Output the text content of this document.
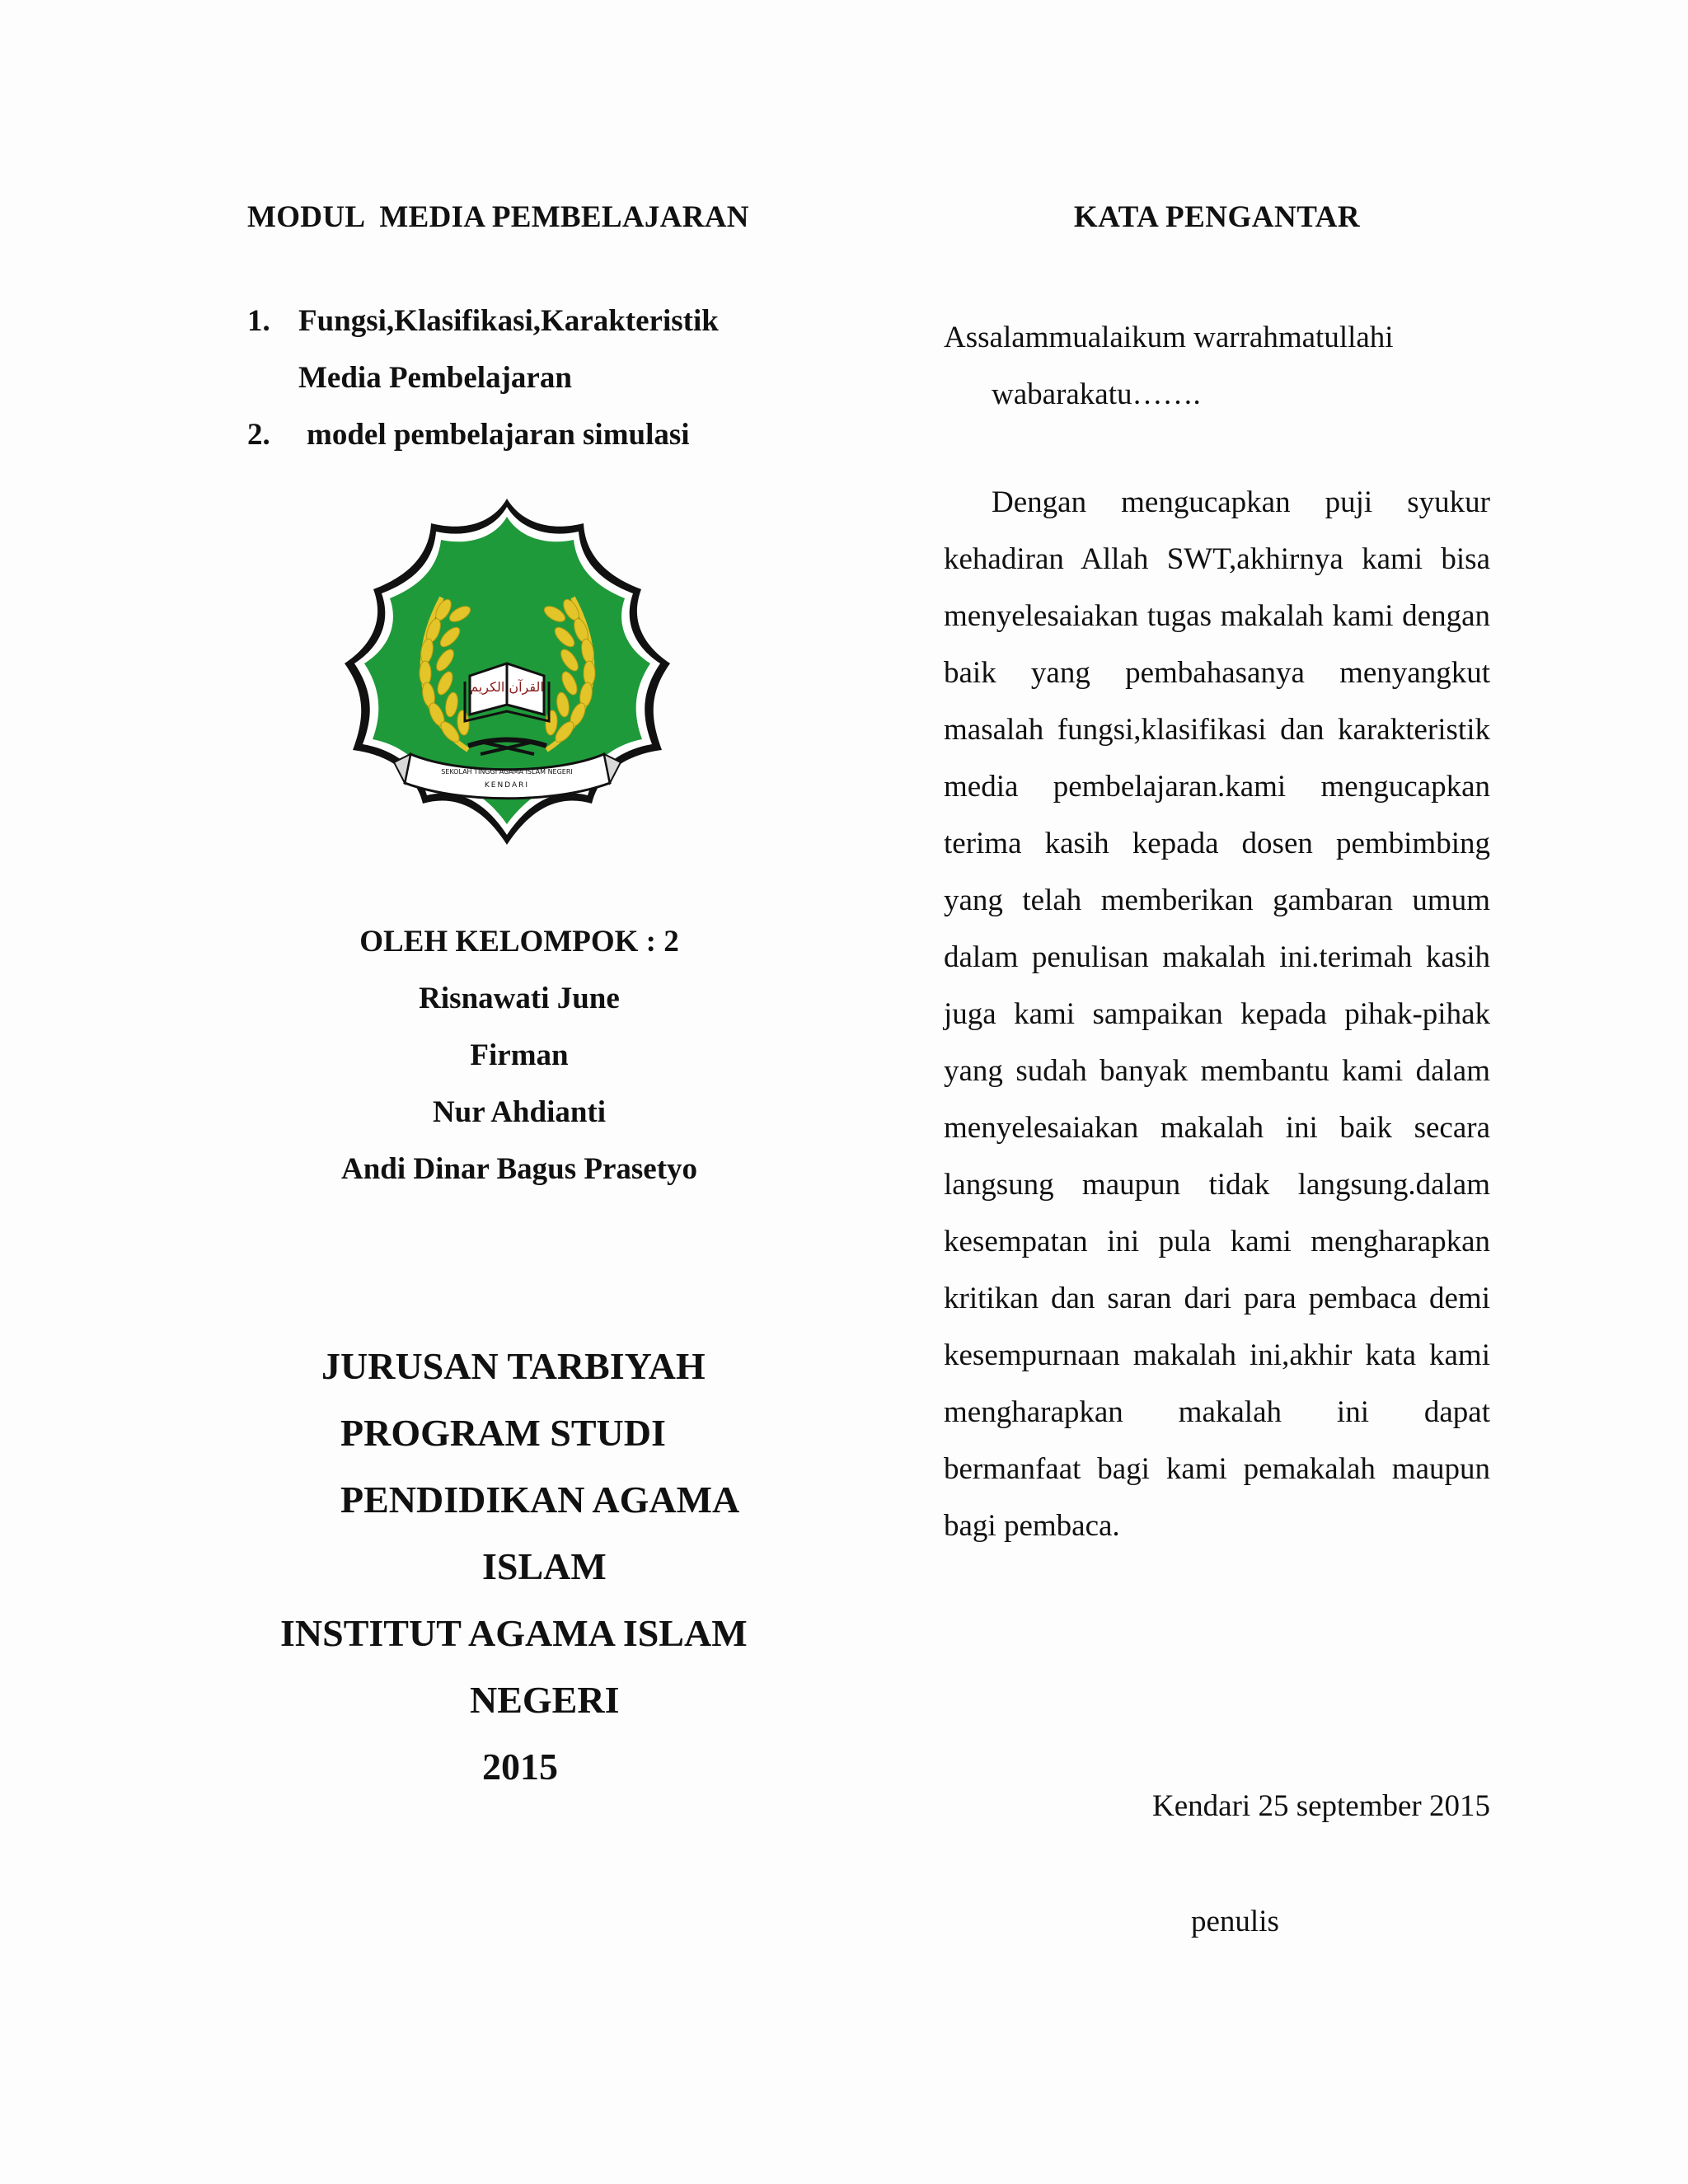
MODUL  MEDIA PEMBELAJARAN
1. Fungsi,Klasifikasi,Karakteristik
Media Pembelajaran
2. model pembelajaran simulasi
القرآن الكريم
SEKOLAH TINGGI AGAMA ISLAM NEGERI
KENDARI
OLEH KELOMPOK : 2
Risnawati June
Firman
Nur Ahdianti
Andi Dinar Bagus Prasetyo
JURUSAN TARBIYAH
PROGRAM STUDI
PENDIDIKAN AGAMA
ISLAM
INSTITUT AGAMA ISLAM
NEGERI
2015
KATA PENGANTAR
Assalammualaikum warrahmatullahi
wabarakatu…….

Dengan mengucapkan puji syukur kehadiran Allah SWT,akhirnya kami bisa menyelesaiakan tugas makalah kami dengan baik yang pembahasanya menyangkut masalah fungsi,klasifikasi dan karakteristik media pembelajaran.kami mengucapkan terima kasih kepada dosen pembimbing yang telah memberikan gambaran umum dalam penulisan makalah ini.terimah kasih juga kami sampaikan kepada pihak-pihak yang sudah banyak membantu kami dalam menyelesaiakan makalah ini baik secara langsung maupun tidak langsung.dalam kesempatan ini pula kami mengharapkan kritikan dan saran dari para pembaca demi kesempurnaan makalah ini,akhir kata kami mengharapkan makalah ini dapat bermanfaat bagi kami pemakalah maupun bagi pembaca.

Kendari 25 september 2015
penulis
